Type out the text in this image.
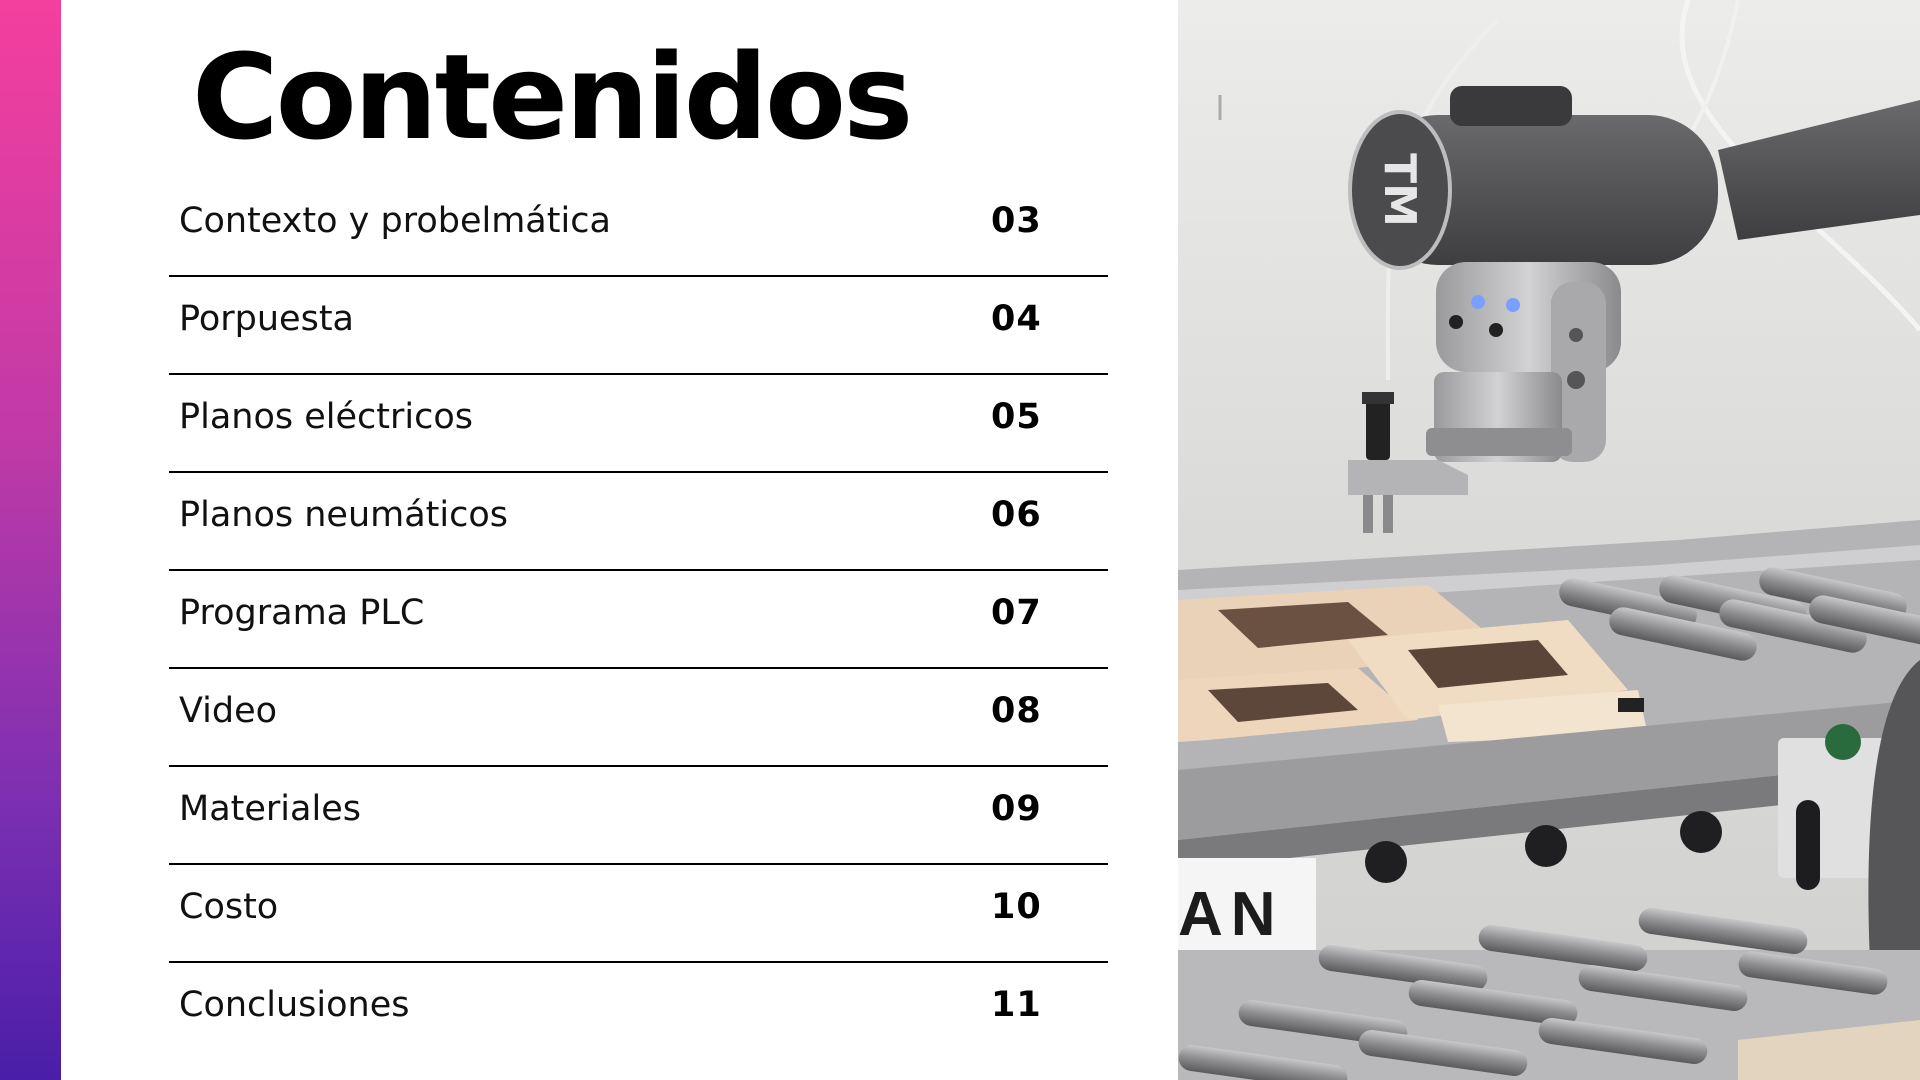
Contenidos
Contexto y probelmática	03
Porpuesta	04
Planos eléctricos	05
Planos neumáticos	06
Programa PLC	07
Video	08
Materiales	09
Costo	10
Conclusiones	11
TM
AN
